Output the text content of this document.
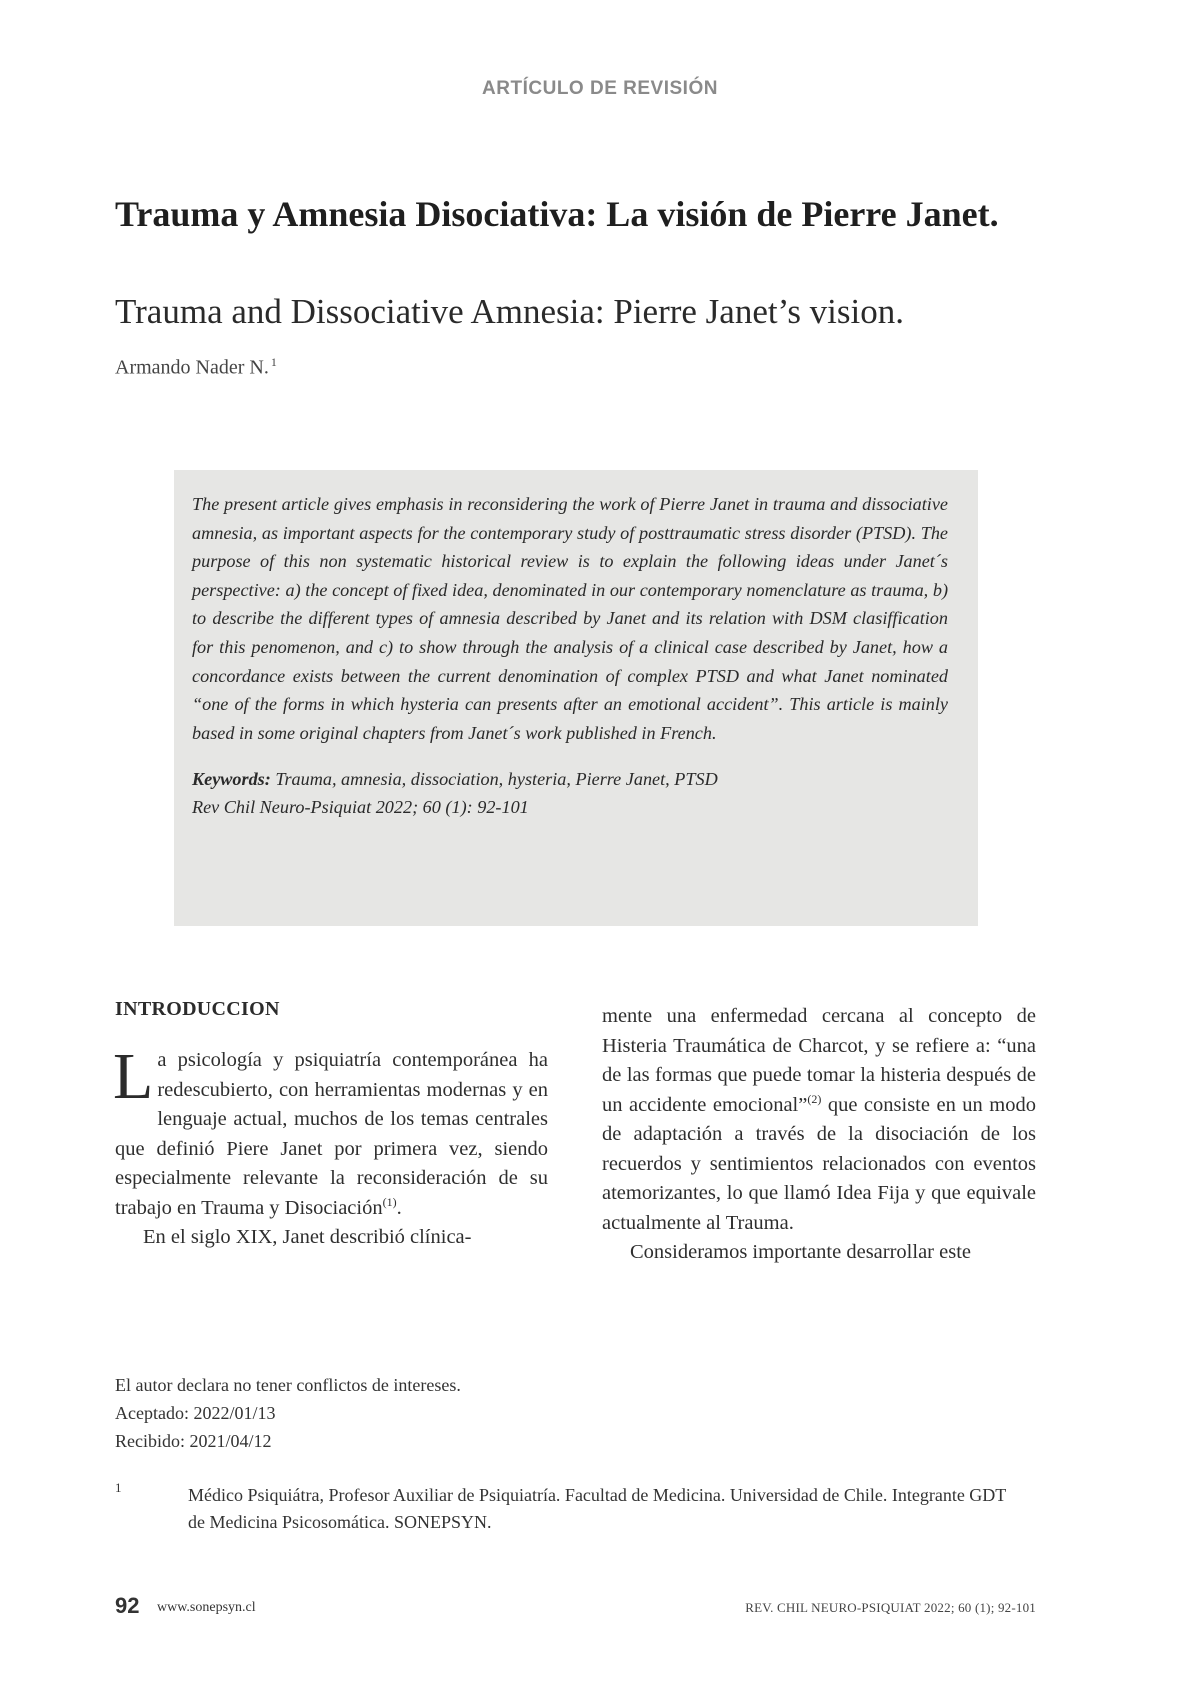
ARTÍCULO DE REVISIÓN
Trauma y Amnesia Disociativa: La visión de Pierre Janet.
Trauma and Dissociative Amnesia: Pierre Janet’s vision.
Armando Nader N. $^1$

The present article gives emphasis in reconsidering the work of Pierre Janet in trauma and dissociative amnesia, as important aspects for the contemporary study of posttraumatic stress disorder (PTSD). The purpose of this non systematic historical review is to explain the following ideas under Janet´s perspective: a) the concept of fixed idea, denominated in our contemporary nomenclature as trauma, b) to describe the different types of amnesia described by Janet and its relation with DSM clasiffication for this penomenon, and c) to show through the analysis of a clinical case described by Janet, how a concordance exists between the current denomination of complex PTSD and what Janet nominated “one of the forms in which hysteria can presents after an emotional accident”. This article is mainly based in some original chapters from Janet´s work published in French.

Keywords: Trauma, amnesia, dissociation, hysteria, Pierre Janet, PTSD
Rev Chil Neuro-Psiquiat 2022; 60 (1): 92-101
INTRODUCCION

La psicología y psiquiatría contemporánea ha redescubierto, con herramientas modernas y en lenguaje actual, muchos de los temas centrales que definió Piere Janet por primera vez, siendo especialmente relevante la reconsideración de su trabajo en Trauma y Disociación$^{(1)}$.

En el siglo XIX, Janet describió clínica-

mente una enfermedad cercana al concepto de Histeria Traumática de Charcot, y se refiere a: “una de las formas que puede tomar la histeria después de un accidente emocional”$^{(2)}$ que consiste en un modo de adaptación a través de la disociación de los recuerdos y sentimientos relacionados con eventos atemorizantes, lo que llamó Idea Fija y que equivale actualmente al Trauma.

Consideramos importante desarrollar este

El autor declara no tener conflictos de intereses.
Aceptado: 2022/01/13
Recibido: 2021/04/12
1	Médico Psiquiátra, Profesor Auxiliar de Psiquiatría. Facultad de Medicina. Universidad de Chile. Integrante GDT de Medicina Psicosomática. SONEPSYN.

92 www.sonepsyn.cl	REV. CHIL NEURO-PSIQUIAT 2022; 60 (1); 92-101
